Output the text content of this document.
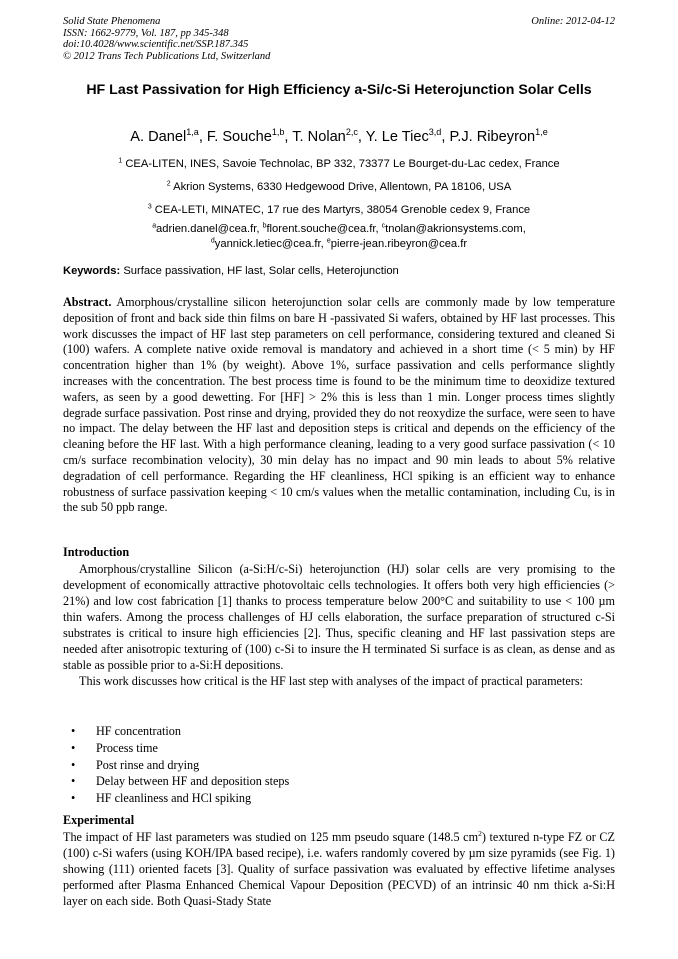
Solid State Phenomena
ISSN: 1662-9779, Vol. 187, pp 345-348
doi:10.4028/www.scientific.net/SSP.187.345
© 2012 Trans Tech Publications Ltd, Switzerland
Online: 2012-04-12
HF Last Passivation for High Efficiency a-Si/c-Si Heterojunction Solar Cells
A. Danel$^{1,a}$, F. Souche$^{1,b}$, T. Nolan$^{2,c}$, Y. Le Tiec$^{3,d}$, P.J. Ribeyron$^{1,e}$
$^1$ CEA-LITEN, INES, Savoie Technolac, BP 332, 73377 Le Bourget-du-Lac cedex, France
$^2$ Akrion Systems, 6330 Hedgewood Drive, Allentown, PA 18106, USA
$^3$ CEA-LETI, MINATEC, 17 rue des Martyrs, 38054 Grenoble cedex 9, France
$^a$adrien.danel@cea.fr, $^b$florent.souche@cea.fr, $^c$tnolan@akrionsystems.com,
$^d$yannick.letiec@cea.fr, $^e$pierre-jean.ribeyron@cea.fr
Keywords: Surface passivation, HF last, Solar cells, Heterojunction
Abstract. Amorphous/crystalline silicon heterojunction solar cells are commonly made by low temperature deposition of front and back side thin films on bare H -passivated Si wafers, obtained by HF last processes. This work discusses the impact of HF last step parameters on cell performance, considering textured and cleaned Si (100) wafers. A complete native oxide removal is mandatory and achieved in a short time (< 5 min) by HF concentration higher than 1% (by weight). Above 1%, surface passivation and cells performance slightly increases with the concentration. The best process time is found to be the minimum time to deoxidize textured wafers, as seen by a good dewetting. For [HF] > 2% this is less than 1 min. Longer process times slightly degrade surface passivation. Post rinse and drying, provided they do not reoxydize the surface, were seen to have no impact. The delay between the HF last and deposition steps is critical and depends on the efficiency of the cleaning before the HF last. With a high performance cleaning, leading to a very good surface passivation (< 10 cm/s surface recombination velocity), 30 min delay has no impact and 90 min leads to about 5% relative degradation of cell performance. Regarding the HF cleanliness, HCl spiking is an efficient way to enhance robustness of surface passivation keeping < 10 cm/s values when the metallic contamination, including Cu, is in the sub 50 ppb range.
Introduction

Amorphous/crystalline Silicon (a-Si:H/c-Si) heterojunction (HJ) solar cells are very promising to the development of economically attractive photovoltaic cells technologies. It offers both very high efficiencies (> 21%) and low cost fabrication [1] thanks to process temperature below 200°C and suitability to use < 100 µm thin wafers. Among the process challenges of HJ cells elaboration, the surface preparation of structured c-Si substrates is critical to insure high efficiencies [2]. Thus, specific cleaning and HF last passivation steps are needed after anisotropic texturing of (100) c-Si to insure the H terminated Si surface is as clean, as dense and as stable as possible prior to a-Si:H depositions.

This work discusses how critical is the HF last step with analyses of the impact of practical parameters:

• HF concentration
• Process time
• Post rinse and drying
• Delay between HF and deposition steps
• HF cleanliness and HCl spiking
Experimental

The impact of HF last parameters was studied on 125 mm pseudo square (148.5 $cm^2$) textured n-type FZ or CZ (100) c-Si wafers (using KOH/IPA based recipe), i.e. wafers randomly covered by µm size pyramids (see Fig. 1) showing (111) oriented facets [3]. Quality of surface passivation was evaluated by effective lifetime analyses performed after Plasma Enhanced Chemical Vapour Deposition (PECVD) of an intrinsic 40 nm thick a-Si:H layer on each side. Both Quasi-Stady State
